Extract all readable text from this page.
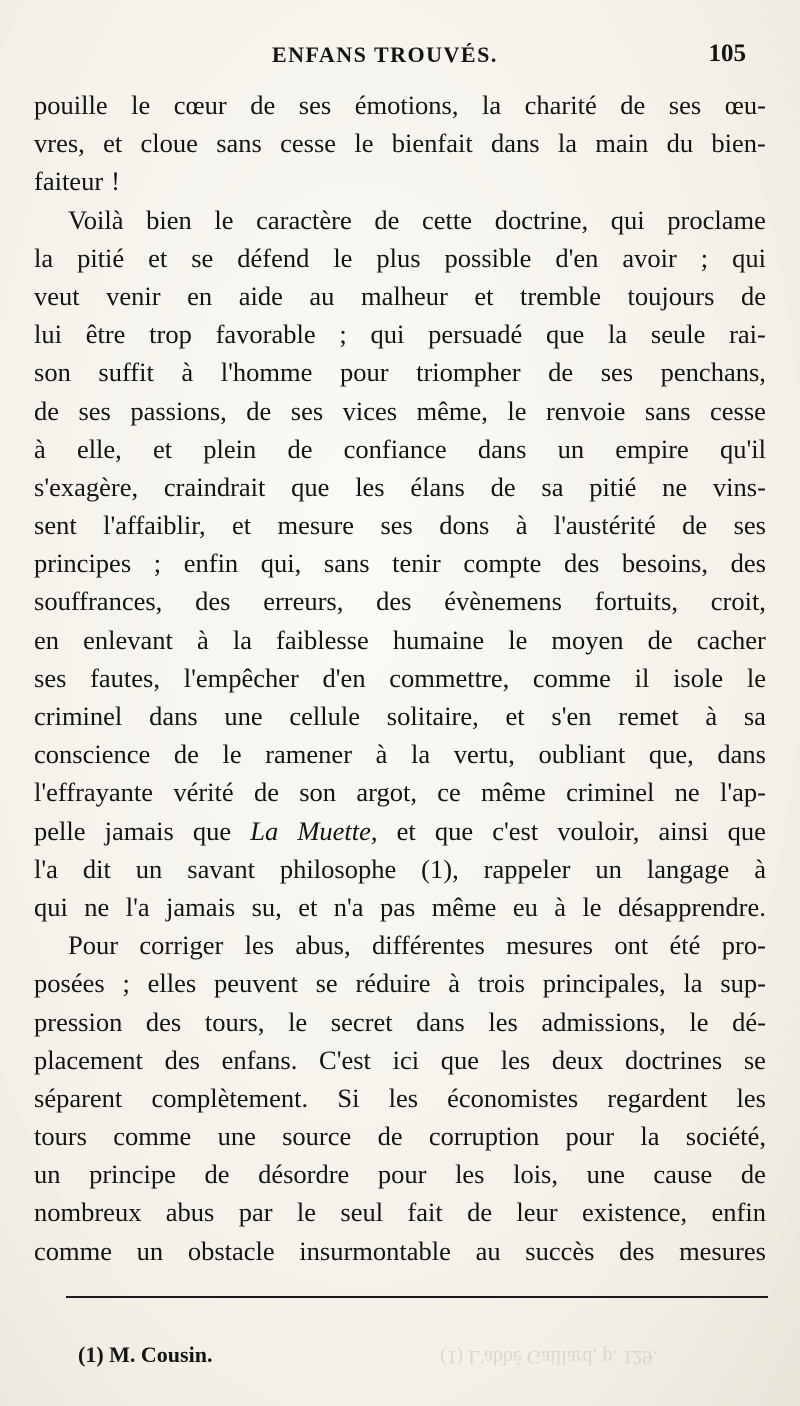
ENFANS TROUVÉS.	105
pouille le cœur de ses émotions, la charité de ses œu-
vres, et cloue sans cesse le bienfait dans la main du bien-
faiteur !
Voilà bien le caractère de cette doctrine, qui proclame
la pitié et se défend le plus possible d'en avoir ; qui
veut venir en aide au malheur et tremble toujours de
lui être trop favorable ; qui persuadé que la seule rai-
son suffit à l'homme pour triompher de ses penchans,
de ses passions, de ses vices même, le renvoie sans cesse
à elle, et plein de confiance dans un empire qu'il
s'exagère, craindrait que les élans de sa pitié ne vins-
sent l'affaiblir, et mesure ses dons à l'austérité de ses
principes ; enfin qui, sans tenir compte des besoins, des
souffrances, des erreurs, des évènemens fortuits, croit,
en enlevant à la faiblesse humaine le moyen de cacher
ses fautes, l'empêcher d'en commettre, comme il isole le
criminel dans une cellule solitaire, et s'en remet à sa
conscience de le ramener à la vertu, oubliant que, dans
l'effrayante vérité de son argot, ce même criminel ne l'ap-
pelle jamais que La Muette, et que c'est vouloir, ainsi que
l'a dit un savant philosophe (1), rappeler un langage à
qui ne l'a jamais su, et n'a pas même eu à le désapprendre.
Pour corriger les abus, différentes mesures ont été pro-
posées ; elles peuvent se réduire à trois principales, la sup-
pression des tours, le secret dans les admissions, le dé-
placement des enfans. C'est ici que les deux doctrines se
séparent complètement. Si les économistes regardent les
tours comme une source de corruption pour la société,
un principe de désordre pour les lois, une cause de
nombreux abus par le seul fait de leur existence, enfin
comme un obstacle insurmontable au succès des mesures
(1) M. Cousin.	(1) L'abbé Gaillard, p. 129.
